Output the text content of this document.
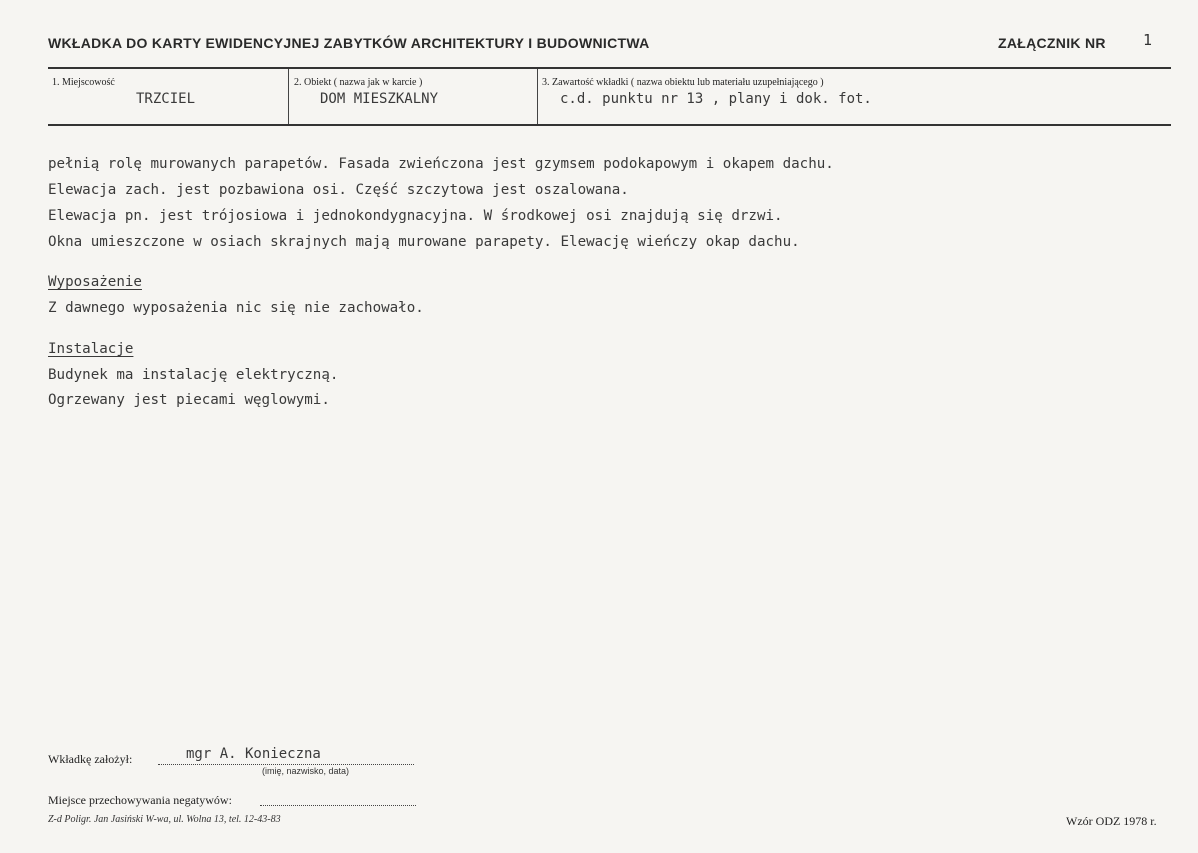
WKŁADKA DO KARTY EWIDENCYJNEJ ZABYTKÓW ARCHITEKTURY I BUDOWNICTWA	ZAŁĄCZNIK NR 1
1. Miejscowość
TRZCIEL
2. Obiekt ( nazwa jak w karcie )
DOM MIESZKALNY
3. Zawartość wkładki ( nazwa obiektu lub materiału uzupełniającego )
c.d. punktu nr 13 , plany i dok. fot.
pełnią rolę murowanych parapetów. Fasada zwieńczona jest gzymsem podokapowym i okapem dachu.
Elewacja zach. jest pozbawiona osi. Część szczytowa jest oszalowana.
Elewacja pn. jest trójosiowa i jednokondygnacyjna. W środkowej osi znajdują się drzwi.
Okna umieszczone w osiach skrajnych mają murowane parapety. Elewację wieńczy okap dachu.
Wyposażenie
Z dawnego wyposażenia nic się nie zachowało.
Instalacje
Budynek ma instalację elektryczną.
Ogrzewany jest piecami węglowymi.
Wkładkę założył:	mgr A. Konieczna
(imię, nazwisko, data)
Miejsce przechowywania negatywów:
Z-d Poligr. Jan Jasiński W-wa, ul. Wolna 13, tel. 12-43-83	Wzór ODZ 1978 r.
